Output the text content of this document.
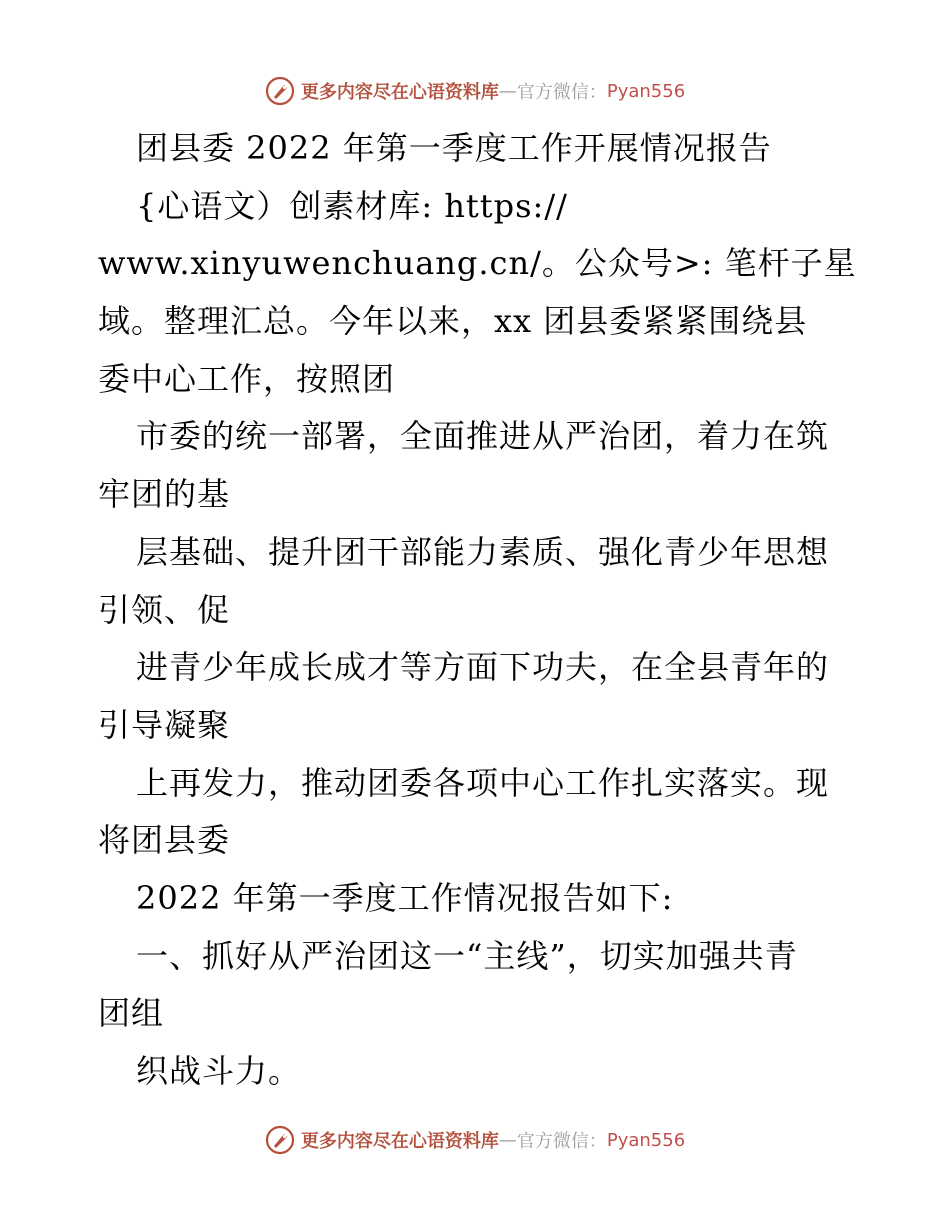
更多内容尽在心语资料库 — 官方微信： Pyan556
团县委 2022 年第一季度工作开展情况报告
{心语文）创素材库: https://
www.xinyuwenchuang.cn/。公众号>: 笔杆子星
域。整理汇总。今年以来，xx 团县委紧紧围绕县
委中心工作，按照团
市委的统一部署，全面推进从严治团，着力在筑
牢团的基
层基础、提升团干部能力素质、强化青少年思想
引领、促
进青少年成长成才等方面下功夫，在全县青年的
引导凝聚
上再发力，推动团委各项中心工作扎实落实。现
将团县委
2022 年第一季度工作情况报告如下:
一、抓好从严治团这一“主线”，切实加强共青
团组
织战斗力。
更多内容尽在心语资料库 — 官方微信： Pyan556
